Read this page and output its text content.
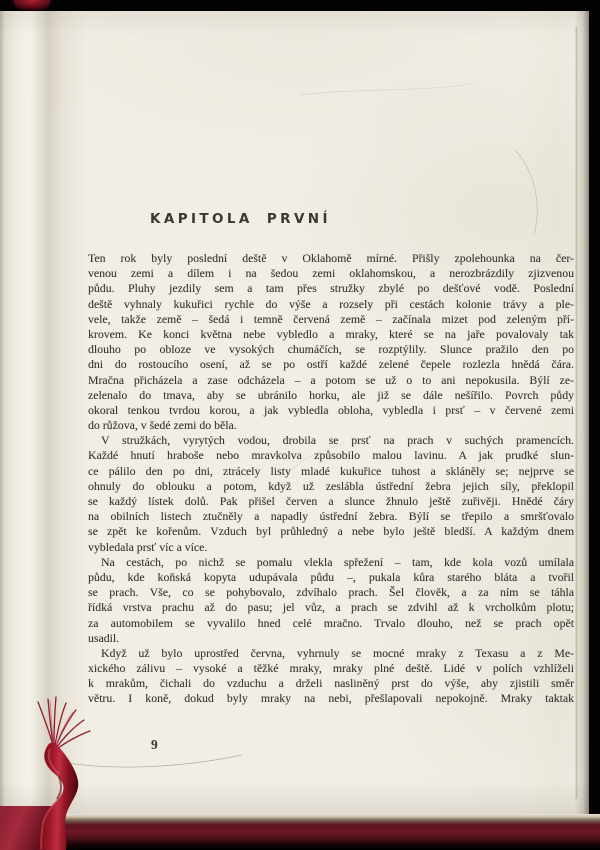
KAPITOLA PRVNÍ
Ten rok byly poslední deště v Oklahomě mírné. Přišly zpolehounka na čer-
venou zemi a dílem i na šedou zemi oklahomskou, a nerozbrázdily zjizvenou
půdu. Pluhy jezdily sem a tam přes stružky zbylé po dešťové vodě. Poslední
deště vyhnaly kukuřici rychle do výše a rozsely při cestách kolonie trávy a ple-
vele, takže země – šedá i temně červená země – začínala mizet pod zeleným pří-
krovem. Ke konci května nebe vybledlo a mraky, které se na jaře povalovaly tak
dlouho po obloze ve vysokých chumáčích, se rozptýlily. Slunce pražilo den po
dni do rostoucího osení, až se po ostří každé zelené čepele rozlezla hnědá čára.
Mračna přicházela a zase odcházela – a potom se už o to ani nepokusila. Býlí ze-
zelenalo do tmava, aby se ubránilo horku, ale již se dále nešířilo. Povrch půdy
okoral tenkou tvrdou korou, a jak vybledla obloha, vybledla i prsť – v červené zemi
do růžova, v šedé zemi do běla.
V stružkách, vyrytých vodou, drobila se prsť na prach v suchých pramencích.
Každé hnutí hraboše nebo mravkolva způsobilo malou lavinu. A jak prudké slun-
ce pálilo den po dni, ztrácely listy mladé kukuřice tuhost a skláněly se; nejprve se
ohnuly do oblouku a potom, když už zeslábla ústřední žebra jejich síly, překlopil
se každý lístek dolů. Pak přišel červen a slunce žhnulo ještě zuřivěji. Hnědé čáry
na obilních listech ztučněly a napadly ústřední žebra. Býlí se třepilo a smršťovalo
se zpět ke kořenům. Vzduch byl průhledný a nebe bylo ještě bledší. A každým dnem
vybledala prsť víc a více.
Na cestách, po nichž se pomalu vlekla spřežení – tam, kde kola vozů umílala
půdu, kde koňská kopyta udupávala půdu –, pukala kůra starého bláta a tvořil
se prach. Vše, co se pohybovalo, zdvíhalo prach. Šel člověk, a za ním se táhla
řídká vrstva prachu až do pasu; jel vůz, a prach se zdvihl až k vrcholkům plotu;
za automobilem se vyvalilo hned celé mračno. Trvalo dlouho, než se prach opět
usadil.
Když už bylo uprostřed června, vyhrnuly se mocné mraky z Texasu a z Me-
xického zálivu – vysoké a těžké mraky, mraky plné deště. Lidé v polích vzhlíželi
k mrakům, čichali do vzduchu a drželi nasliněný prst do výše, aby zjistili směr
větru. I koně, dokud byly mraky na nebi, přešlapovali nepokojně. Mraky taktak
9
